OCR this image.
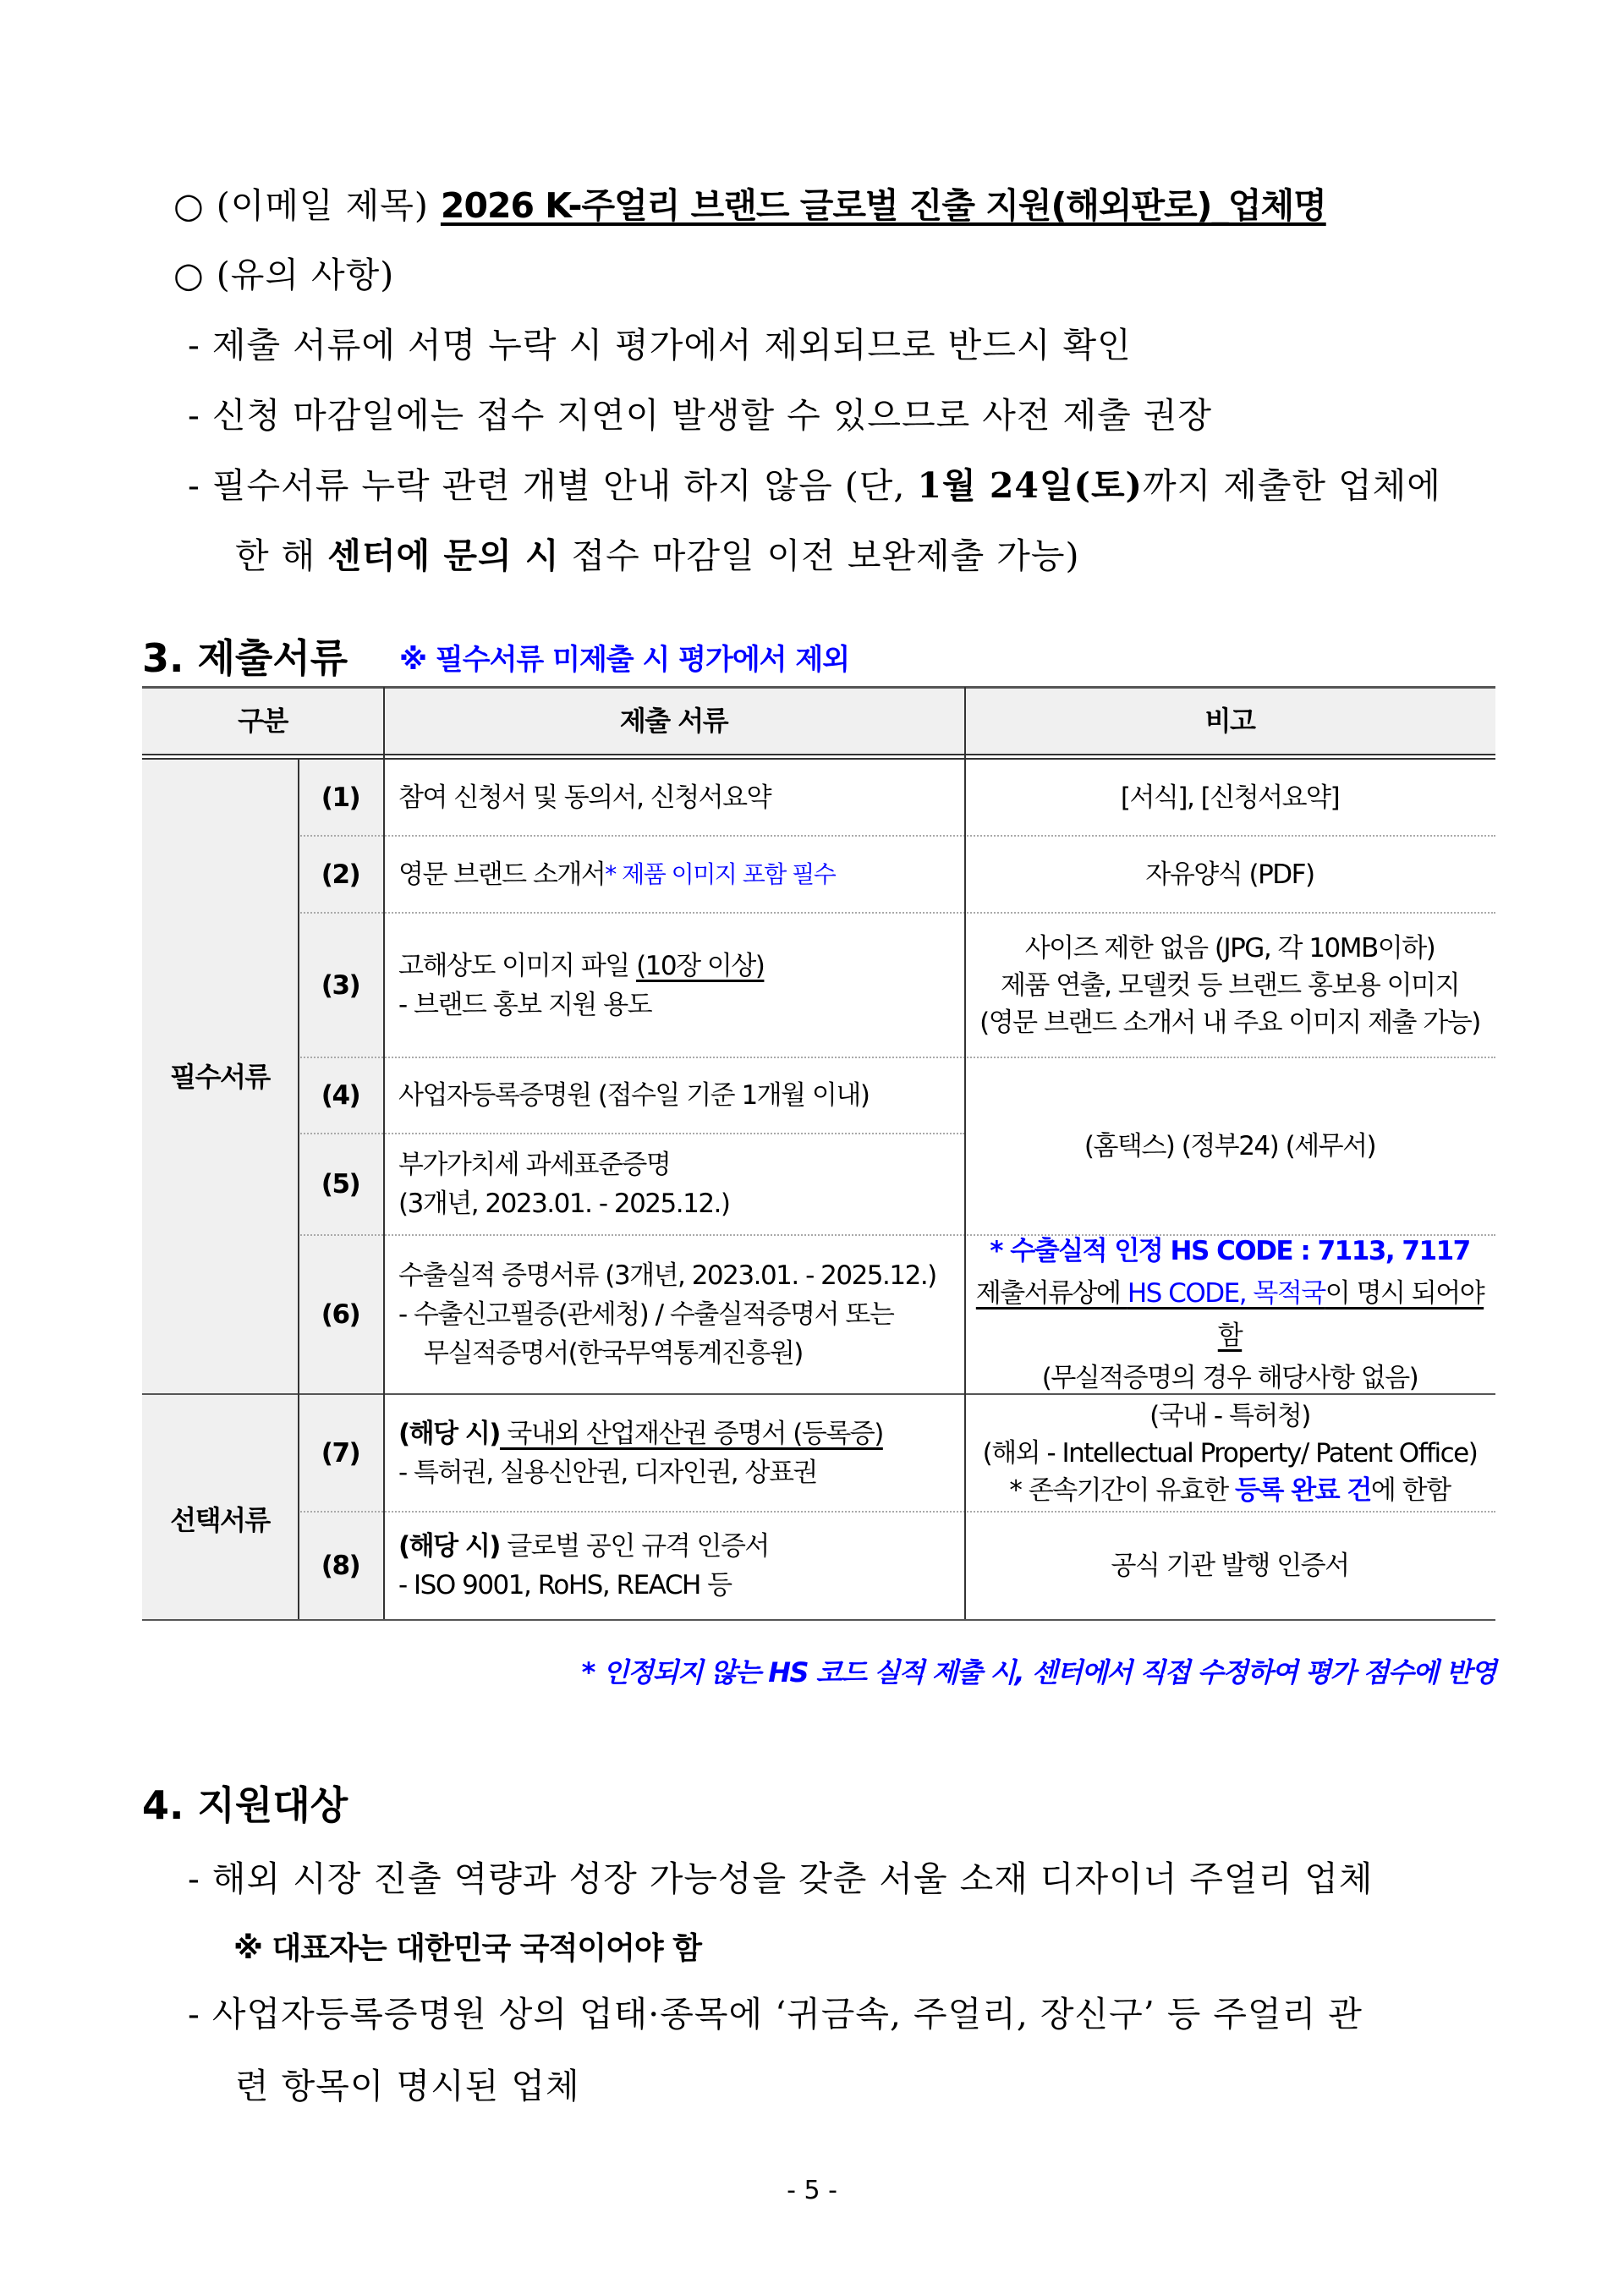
○ (이메일 제목) 2026 K-주얼리 브랜드 글로벌 진출 지원(해외판로)_업체명
○ (유의 사항)
- 제출 서류에 서명 누락 시 평가에서 제외되므로 반드시 확인
- 신청 마감일에는 접수 지연이 발생할 수 있으므로 사전 제출 권장
- 필수서류 누락 관련 개별 안내 하지 않음 (단, 1월 24일(토)까지 제출한 업체에
한 해 센터에 문의 시 접수 마감일 이전 보완제출 가능)
3. 제출서류 ※ 필수서류 미제출 시 평가에서 제외
구분	제출 서류	비고
필수서류
선택서류
(1)
(2)
(3)
(4)
(5)
(6)
(7)
(8)
참여 신청서 및 동의서, 신청서요약
영문 브랜드 소개서 * 제품 이미지 포함 필수
고해상도 이미지 파일 (10장 이상)
- 브랜드 홍보 지원 용도
사업자등록증명원 (접수일 기준 1개월 이내)
부가가치세 과세표준증명
(3개년, 2023.01. - 2025.12.)
수출실적 증명서류 (3개년, 2023.01. - 2025.12.)
- 수출신고필증(관세청) / 수출실적증명서 또는
무실적증명서(한국무역통계진흥원)
(해당 시) 국내외 산업재산권 증명서 (등록증)
- 특허권, 실용신안권, 디자인권, 상표권
(해당 시) 글로벌 공인 규격 인증서
- ISO 9001, RoHS, REACH 등
[서식], [신청서요약]
자유양식 (PDF)
사이즈 제한 없음 (JPG, 각 10MB이하)
제품 연출, 모델컷 등 브랜드 홍보용 이미지
(영문 브랜드 소개서 내 주요 이미지 제출 가능)
(홈택스) (정부24) (세무서)
* 수출실적 인정 HS CODE : 7113, 7117
제출서류상에 HS CODE, 목적국이 명시 되어야 함
(무실적증명의 경우 해당사항 없음)
(국내 - 특허청)
(해외 - Intellectual Property/ Patent Office)
* 존속기간이 유효한 등록 완료 건에 한함
공식 기관 발행 인증서
* 인정되지 않는 HS 코드 실적 제출 시, 센터에서 직접 수정하여 평가 점수에 반영
4. 지원대상
- 해외 시장 진출 역량과 성장 가능성을 갖춘 서울 소재 디자이너 주얼리 업체
※ 대표자는 대한민국 국적이어야 함
- 사업자등록증명원 상의 업태·종목에 ‘귀금속, 주얼리, 장신구’ 등 주얼리 관
련 항목이 명시된 업체
- 5 -
